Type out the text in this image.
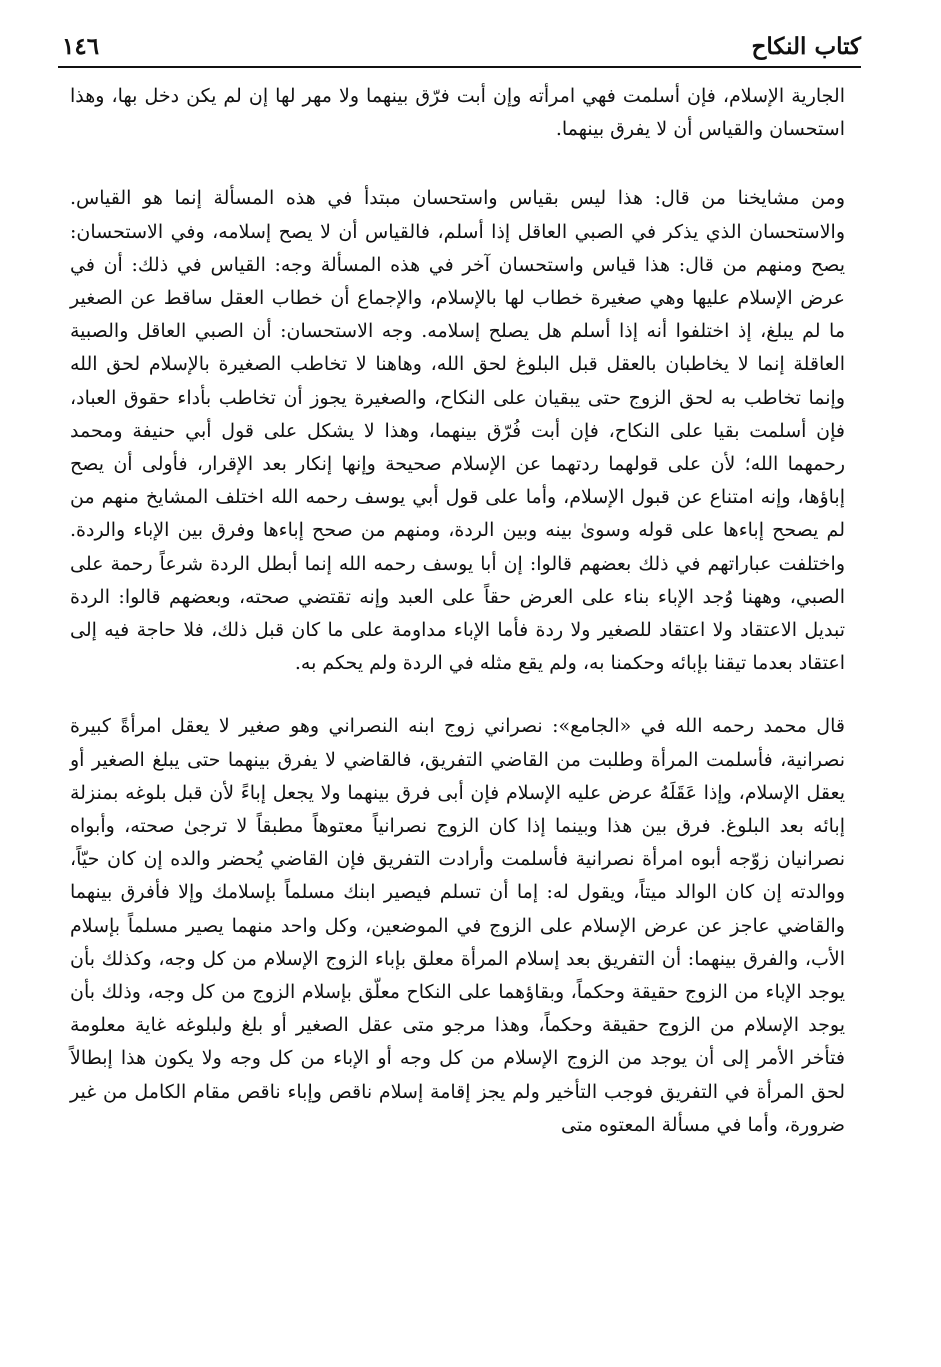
كتاب النكاح
١٤٦

الجارية الإسلام، فإن أسلمت فهي امرأته وإن أبت فرّق بينهما ولا مهر لها إن لم يكن دخل بها، وهذا استحسان والقياس أن لا يفرق بينهما.

ومن مشايخنا من قال: هذا ليس بقياس واستحسان مبتدأ في هذه المسألة إنما هو القياس. والاستحسان الذي يذكر في الصبي العاقل إذا أسلم، فالقياس أن لا يصح إسلامه، وفي الاستحسان: يصح ومنهم من قال: هذا قياس واستحسان آخر في هذه المسألة وجه: القياس في ذلك: أن في عرض الإسلام عليها وهي صغيرة خطاب لها بالإسلام، والإجماع أن خطاب العقل ساقط عن الصغير ما لم يبلغ، إذ اختلفوا أنه إذا أسلم هل يصلح إسلامه. وجه الاستحسان: أن الصبي العاقل والصبية العاقلة إنما لا يخاطبان بالعقل قبل البلوغ لحق الله، وهاهنا لا تخاطب الصغيرة بالإسلام لحق الله وإنما تخاطب به لحق الزوج حتى يبقيان على النكاح، والصغيرة يجوز أن تخاطب بأداء حقوق العباد، فإن أسلمت بقيا على النكاح، فإن أبت فُرّق بينهما، وهذا لا يشكل على قول أبي حنيفة ومحمد رحمهما الله؛ لأن على قولهما ردتهما عن الإسلام صحيحة وإنها إنكار بعد الإقرار، فأولى أن يصح إباؤها، وإنه امتناع عن قبول الإسلام، وأما على قول أبي يوسف رحمه الله اختلف المشايخ منهم من لم يصحح إباءها على قوله وسوىٰ بينه وبين الردة، ومنهم من صحح إباءها وفرق بين الإباء والردة. واختلفت عباراتهم في ذلك بعضهم قالوا: إن أبا يوسف رحمه الله إنما أبطل الردة شرعاً رحمة على الصبي، وههنا وُجد الإباء بناء على العرض حقاً على العبد وإنه تقتضي صحته، وبعضهم قالوا: الردة تبديل الاعتقاد ولا اعتقاد للصغير ولا ردة فأما الإباء مداومة على ما كان قبل ذلك، فلا حاجة فيه إلى اعتقاد بعدما تيقنا بإبائه وحكمنا به، ولم يقع مثله في الردة ولم يحكم به.

قال محمد رحمه الله في «الجامع»: نصراني زوج ابنه النصراني وهو صغير لا يعقل امرأةً كبيرة نصرانية، فأسلمت المرأة وطلبت من القاضي التفريق، فالقاضي لا يفرق بينهما حتى يبلغ الصغير أو يعقل الإسلام، وإذا عَقَلَهُ عرض عليه الإسلام فإن أبى فرق بينهما ولا يجعل إباءً لأن قبل بلوغه بمنزلة إبائه بعد البلوغ. فرق بين هذا وبينما إذا كان الزوج نصرانياً معتوهاً مطبقاً لا ترجىٰ صحته، وأبواه نصرانيان زوّجه أبوه امرأة نصرانية فأسلمت وأرادت التفريق فإن القاضي يُحضر والده إن كان حيّاً، ووالدته إن كان الوالد ميتاً، ويقول له: إما أن تسلم فيصير ابنك مسلماً بإسلامك وإلا فأفرق بينهما والقاضي عاجز عن عرض الإسلام على الزوج في الموضعين، وكل واحد منهما يصير مسلماً بإسلام الأب، والفرق بينهما: أن التفريق بعد إسلام المرأة معلق بإباء الزوج الإسلام من كل وجه، وكذلك بأن يوجد الإباء من الزوج حقيقة وحكماً، وبقاؤهما على النكاح معلّق بإسلام الزوج من كل وجه، وذلك بأن يوجد الإسلام من الزوج حقيقة وحكماً، وهذا مرجو متى عقل الصغير أو بلغ ولبلوغه غاية معلومة فتأخر الأمر إلى أن يوجد من الزوج الإسلام من كل وجه أو الإباء من كل وجه ولا يكون هذا إبطالاً لحق المرأة في التفريق فوجب التأخير ولم يجز إقامة إسلام ناقص وإباء ناقص مقام الكامل من غير ضرورة، وأما في مسألة المعتوه متى
